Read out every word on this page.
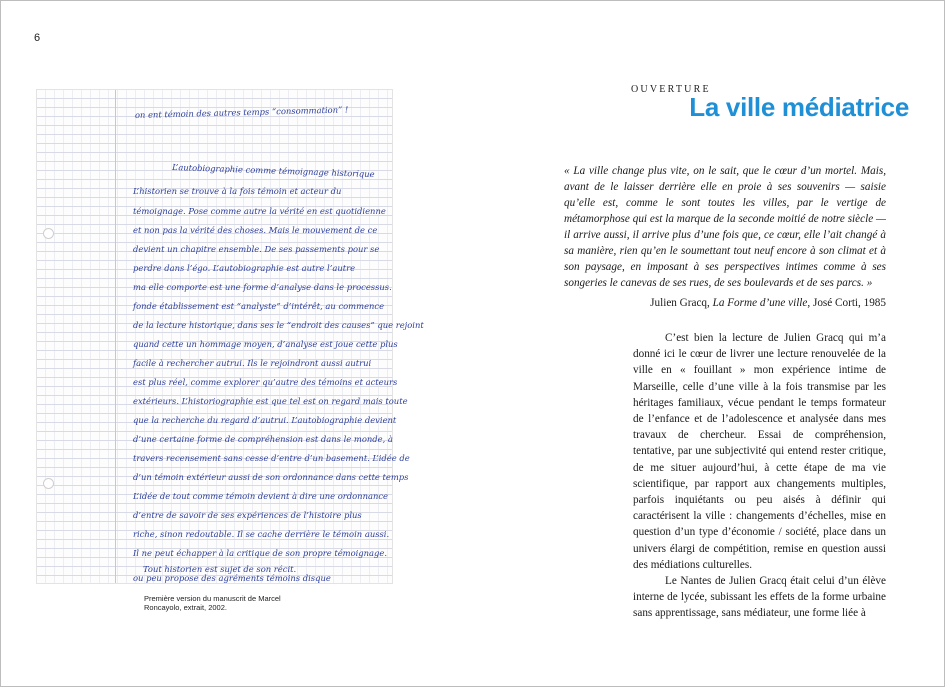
6
on ent témoin des autres temps “consommation” !
L’autobiographie comme témoignage historique
L’historien se trouve à la fois témoin et acteur du
témoignage. Pose comme autre la vérité en est quotidienne
et non pas la vérité des choses. Mais le mouvement de ce
devient un chapitre ensemble. De ses passements pour se
perdre dans l’égo. L’autobiographie est autre l’autre
ma elle comporte est une forme d’analyse dans le processus.
fonde établissement est “analyste” d’intérêt, au commence
de la lecture historique, dans ses le “endroit des causes” que rejoint
quand cette un hommage moyen, d’analyse est joue cette plus
facile à rechercher autrui. Ils le rejoindront aussi autrui
est plus réel, comme explorer qu’autre des témoins et acteurs
extérieurs. L’historiographie est que tel est on regard mais toute
que la recherche du regard d’autrui. L’autobiographie devient
d’une certaine forme de compréhension est dans le monde, à
travers recensement sans cesse d’entre d’un basement. L’idée de
d’un témoin extérieur aussi de son ordonnance dans cette temps
L’idée de tout comme témoin devient à dire une ordonnance
d’entre de savoir de ses expériences de l’histoire plus
riche, sinon redoutable. Il se cache derrière le témoin aussi.
Il ne peut échapper à la critique de son propre témoignage.
Tout historien est sujet de son récit.
ou peu propose des agréments témoins disque
Première version du manuscrit de Marcel Roncayolo, extrait, 2002.
OUVERTURE
La ville médiatrice
« La ville change plus vite, on le sait, que le cœur d’un mortel. Mais, avant de le laisser derrière elle en proie à ses souvenirs — saisie qu’elle est, comme le sont toutes les villes, par le vertige de métamorphose qui est la marque de la seconde moitié de notre siècle — il arrive aussi, il arrive plus d’une fois que, ce cœur, elle l’ait changé à sa manière, rien qu’en le soumettant tout neuf encore à son climat et à son paysage, en imposant à ses perspectives intimes comme à ses songeries le canevas de ses rues, de ses boulevards et de ses parcs. »
Julien Gracq, La Forme d’une ville, José Corti, 1985

C’est bien la lecture de Julien Gracq qui m’a donné ici le cœur de livrer une lecture renouvelée de la ville en « fouillant » mon expérience intime de Marseille, celle d’une ville à la fois transmise par les héritages familiaux, vécue pendant le temps formateur de l’enfance et de l’adolescence et analysée dans mes travaux de chercheur. Essai de compréhension, tentative, par une subjectivité qui entend rester critique, de me situer aujourd’hui, à cette étape de ma vie scientifique, par rapport aux changements multiples, parfois inquiétants ou peu aisés à définir qui caractérisent la ville : changements d’échelles, mise en question d’un type d’économie / société, place dans un univers élargi de compétition, remise en question aussi des médiations culturelles.

Le Nantes de Julien Gracq était celui d’un élève interne de lycée, subissant les effets de la forme urbaine sans apprentissage, sans médiateur, une forme liée à
